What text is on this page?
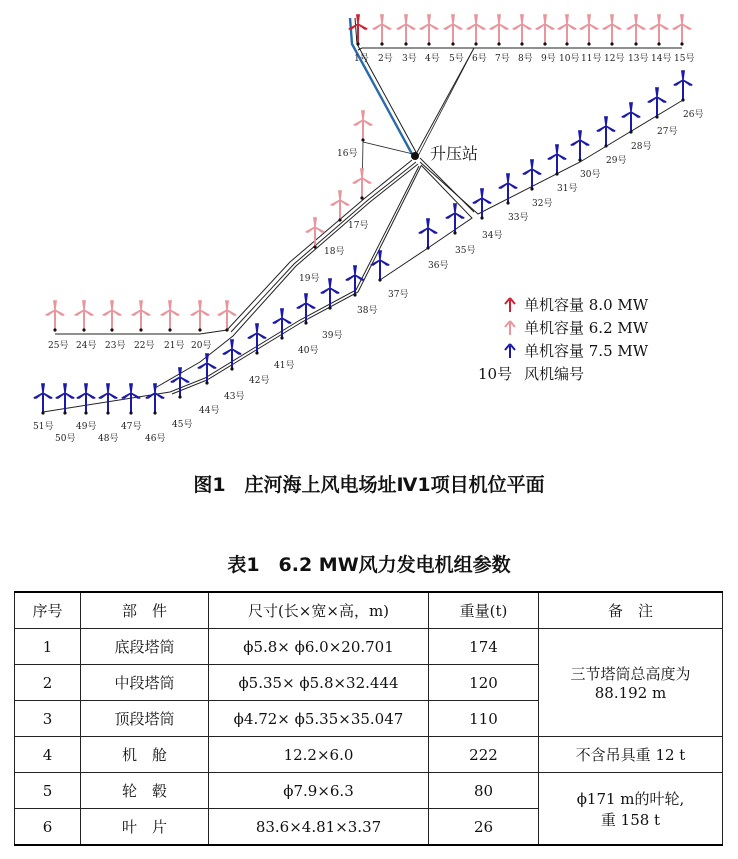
1号 2号 3号 4号 5号 6号 7号 8号 9号 10号 11号 12号 13号 14号 15号
16号
17号
18号
19号
20号
21号
22号
23号
24号
25号
26号
27号
28号
29号
30号
31号
32号
33号
34号
35号
36号
37号
38号
39号
40号
41号
42号
43号
44号
45号
46号
47号
48号
49号
50号
51号
升压站
单机容量 8.0 MW
单机容量 6.2 MW
单机容量 7.5 MW
10号 风机编号
图1　庄河海上风电场址Ⅳ1项目机位平面
表1　6.2 MW风力发电机组参数
序号	部　件	尺寸(长×宽×高，m)	重量(t)	备　注
1	底段塔筒	ϕ5.8× ϕ6.0×20.701	174	三节塔筒总高度为
88.192 m
2	中段塔筒	ϕ5.35× ϕ5.8×32.444	120	
3	顶段塔筒	ϕ4.72× ϕ5.35×35.047	110	
4	机　舱	12.2×6.0	222	不含吊具重 12 t
5	轮　毂	ϕ7.9×6.3	80	ϕ171 m的叶轮,
重 158 t
6	叶　片	83.6×4.81×3.37	26	
